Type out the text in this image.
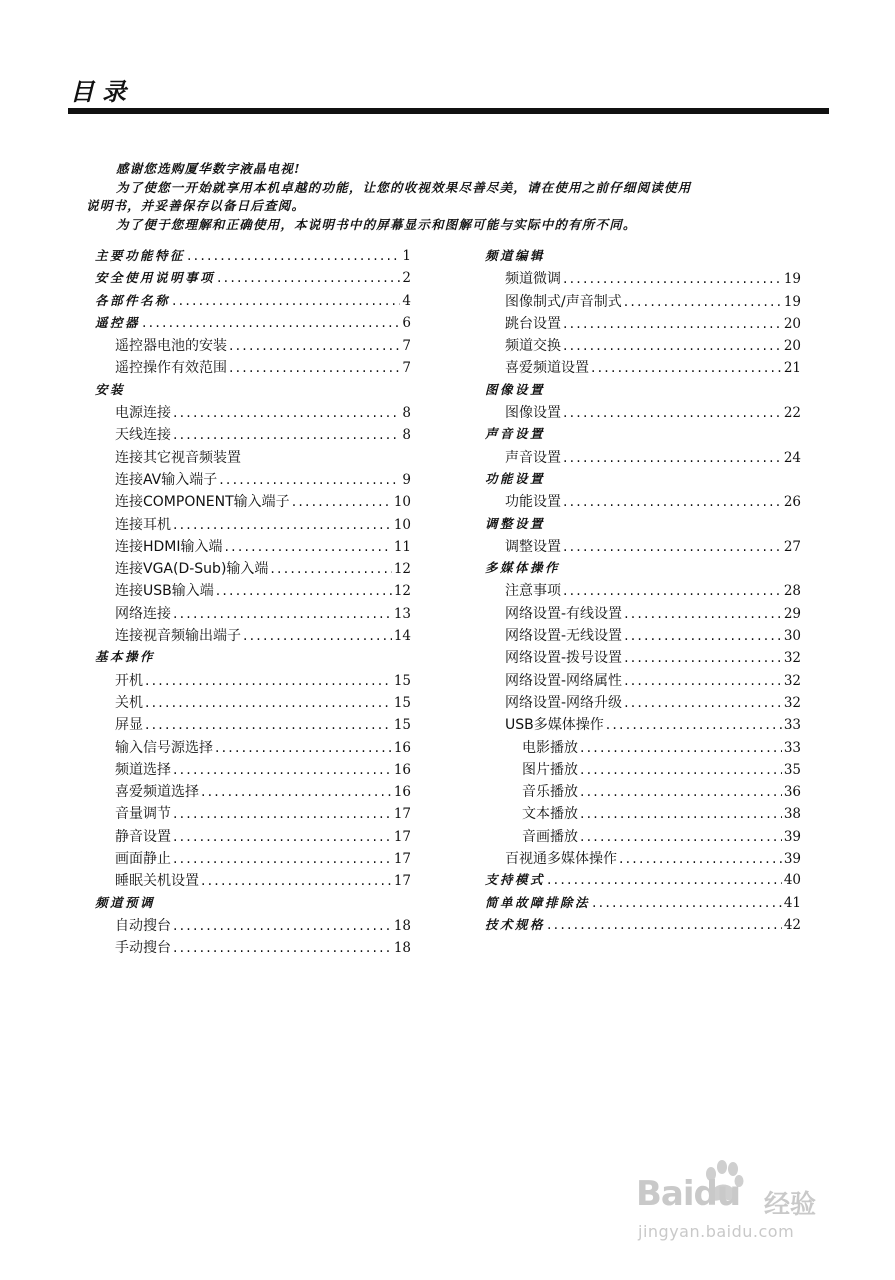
目录

感谢您选购厦华数字液晶电视!

为了使您一开始就享用本机卓越的功能，让您的收视效果尽善尽美，请在使用之前仔细阅读使用

说明书，并妥善保存以备日后查阅。

为了便于您理解和正确使用，本说明书中的屏幕显示和图解可能与实际中的有所不同。

主要功能特征 .....	1
安全使用说明事项 .....	2
各部件名称 .....	4
遥控器 .....	6
遥控器电池的安装 .....	7
遥控操作有效范围 .....	7
安装
电源连接 .....	8
天线连接 .....	8
连接其它视音频装置
连接AV输入端子 .....	9
连接COMPONENT输入端子 .....	10
连接耳机 .....	10
连接HDMI输入端 .....	11
连接VGA(D-Sub)输入端 .....	12
连接USB输入端 .....	12
网络连接 .....	13
连接视音频输出端子 .....	14
基本操作
开机 .....	15
关机 .....	15
屏显 .....	15
输入信号源选择 .....	16
频道选择 .....	16
喜爱频道选择 .....	16
音量调节 .....	17
静音设置 .....	17
画面静止 .....	17
睡眠关机设置 .....	17
频道预调
自动搜台 .....	18
手动搜台 .....	18
频道编辑
频道微调 .....	19
图像制式/声音制式 .....	19
跳台设置 .....	20
频道交换 .....	20
喜爱频道设置 .....	21
图像设置
图像设置 .....	22
声音设置
声音设置 .....	24
功能设置
功能设置 .....	26
调整设置
调整设置 .....	27
多媒体操作
注意事项 .....	28
网络设置-有线设置 .....	29
网络设置-无线设置 .....	30
网络设置-拨号设置 .....	32
网络设置-网络属性 .....	32
网络设置-网络升级 .....	32
USB多媒体操作 .....	33
电影播放 .....	33
图片播放 .....	35
音乐播放 .....	36
文本播放 .....	38
音画播放 .....	39
百视通多媒体操作 .....	39
支持模式 .....	40
简单故障排除法 .....	41
技术规格 .....	42
Baidu 经验
jingyan.baidu.com
